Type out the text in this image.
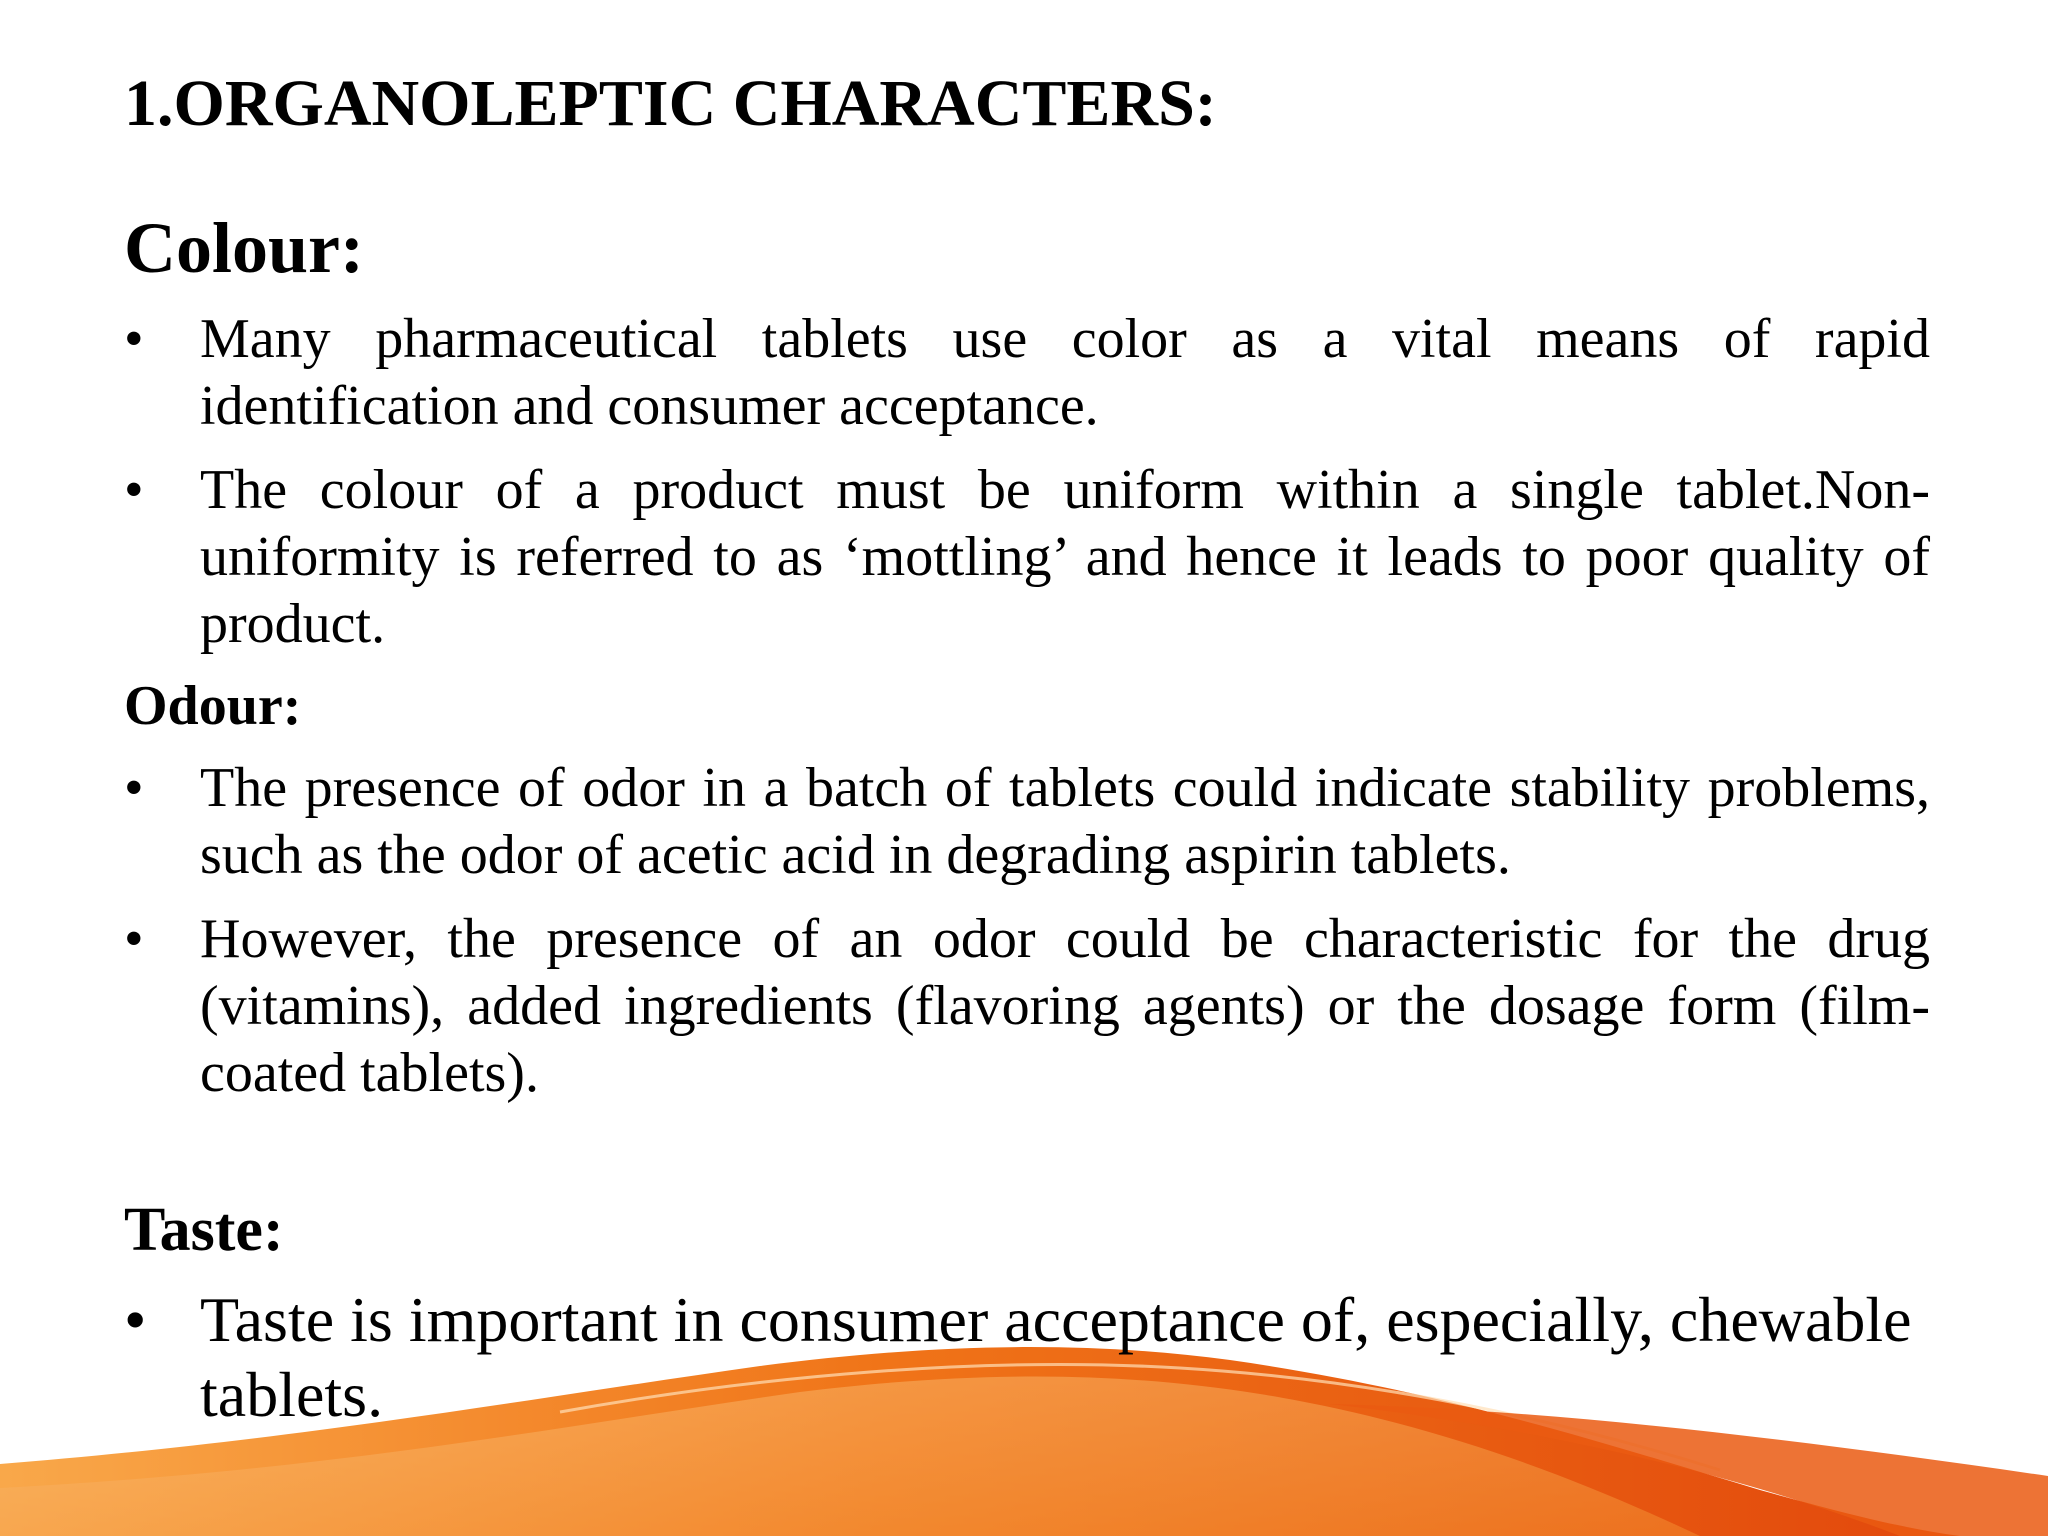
1.ORGANOLEPTIC CHARACTERS:
Colour:
• Many pharmaceutical tablets use color as a vital means of rapid identification and consumer acceptance.
• The colour of a product must be uniform within a single tablet.Non-uniformity is referred to as ‘mottling’ and hence it leads to poor quality of product.
Odour:
• The presence of odor in a batch of tablets could indicate stability problems, such as the odor of acetic acid in degrading aspirin tablets.
• However, the presence of an odor could be characteristic for the drug (vitamins), added ingredients (flavoring agents) or the dosage form (film-coated tablets).
Taste:
• Taste is important in consumer acceptance of, especially, chewable tablets.
